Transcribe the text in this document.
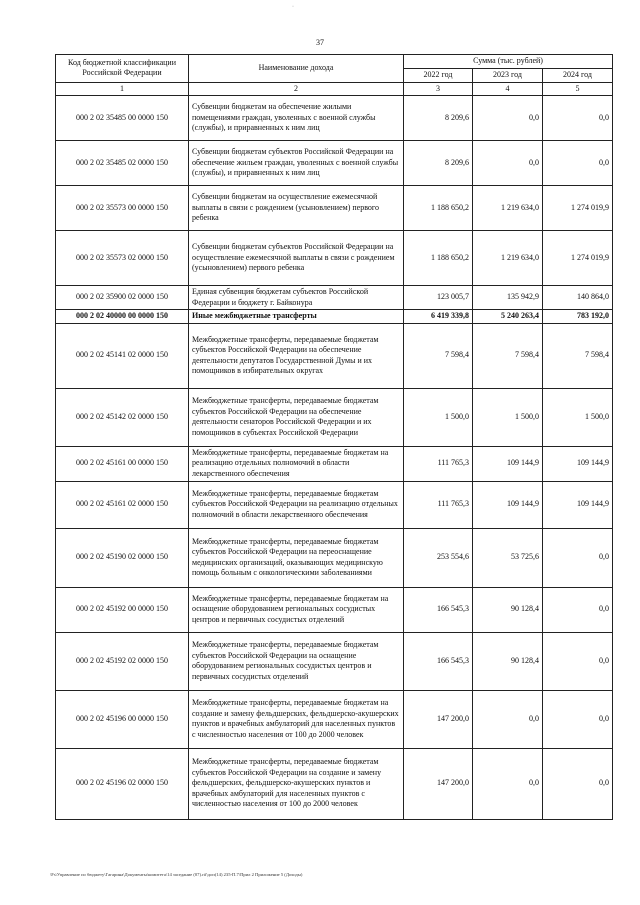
37
·
Код бюджетной классификации Российской Федерации	Наименование дохода	Сумма (тыс. рублей)		
		2022 год	2023 год	2024 год
1	2	3	4	5
000 2 02 35485 00 0000 150	Субвенции бюджетам на обеспечение жилыми помещениями граждан, уволенных с военной службы (службы), и приравненных к ним лиц	8 209,6	0,0	0,0
000 2 02 35485 02 0000 150	Субвенции бюджетам субъектов Российской Федерации на обеспечение жильем граждан, уволенных с военной службы (службы), и приравненных к ним лиц	8 209,6	0,0	0,0
000 2 02 35573 00 0000 150	Субвенции бюджетам на осуществление ежемесячной выплаты в связи с рождением (усыновлением) первого ребенка	1 188 650,2	1 219 634,0	1 274 019,9
000 2 02 35573 02 0000 150	Субвенции бюджетам субъектов Российской Федерации на осуществление ежемесячной выплаты в связи с рождением (усыновлением) первого ребенка	1 188 650,2	1 219 634,0	1 274 019,9
000 2 02 35900 02 0000 150	Единая субвенция бюджетам субъектов Российской Федерации и бюджету г. Байконура	123 005,7	135 942,9	140 864,0
000 2 02 40000 00 0000 150	Иные межбюджетные трансферты	6 419 339,8	5 240 263,4	783 192,0
000 2 02 45141 02 0000 150	Межбюджетные трансферты, передаваемые бюджетам субъектов Российской Федерации на обеспечение деятельности депутатов Государственной Думы и их помощников в избирательных округах	7 598,4	7 598,4	7 598,4
000 2 02 45142 02 0000 150	Межбюджетные трансферты, передаваемые бюджетам субъектов Российской Федерации на обеспечение деятельности сенаторов Российской Федерации и их помощников в субъектах Российской Федерации	1 500,0	1 500,0	1 500,0
000 2 02 45161 00 0000 150	Межбюджетные трансферты, передаваемые бюджетам на реализацию отдельных полномочий в области лекарственного обеспечения	111 765,3	109 144,9	109 144,9
000 2 02 45161 02 0000 150	Межбюджетные трансферты, передаваемые бюджетам субъектов Российской Федерации на реализацию отдельных полномочий в области лекарственного обеспечения	111 765,3	109 144,9	109 144,9
000 2 02 45190 02 0000 150	Межбюджетные трансферты, передаваемые бюджетам субъектов Российской Федерации на переоснащение медицинских организаций, оказывающих медицинскую помощь больным с онкологическими заболеваниями	253 554,6	53 725,6	0,0
000 2 02 45192 00 0000 150	Межбюджетные трансферты, передаваемые бюджетам на оснащение оборудованием региональных сосудистых центров и первичных сосудистых отделений	166 545,3	90 128,4	0,0
000 2 02 45192 02 0000 150	Межбюджетные трансферты, передаваемые бюджетам субъектов Российской Федерации на оснащение оборудованием региональных сосудистых центров и первичных сосудистых отделений	166 545,3	90 128,4	0,0
000 2 02 45196 00 0000 150	Межбюджетные трансферты, передаваемые бюджетам на создание и замену фельдшерских, фельдшерско-акушерских пунктов и врачебных амбулаторий для населенных пунктов с численностью населения от 100 до 2000 человек	147 200,0	0,0	0,0
000 2 02 45196 02 0000 150	Межбюджетные трансферты, передаваемые бюджетам субъектов Российской Федерации на создание и замену фельдшерских, фельдшерско-акушерских пунктов и врачебных амбулаторий для населенных пунктов с численностью населения от 100 до 2000 человек	147 200,0	0,0	0,0
\Fs\Управление по бюджету\Гагарина\Документы\комитета\14 заседание (07).rtf\доп(14) 235-П.7\Прил 2 Приложение 5 (Доходы)
